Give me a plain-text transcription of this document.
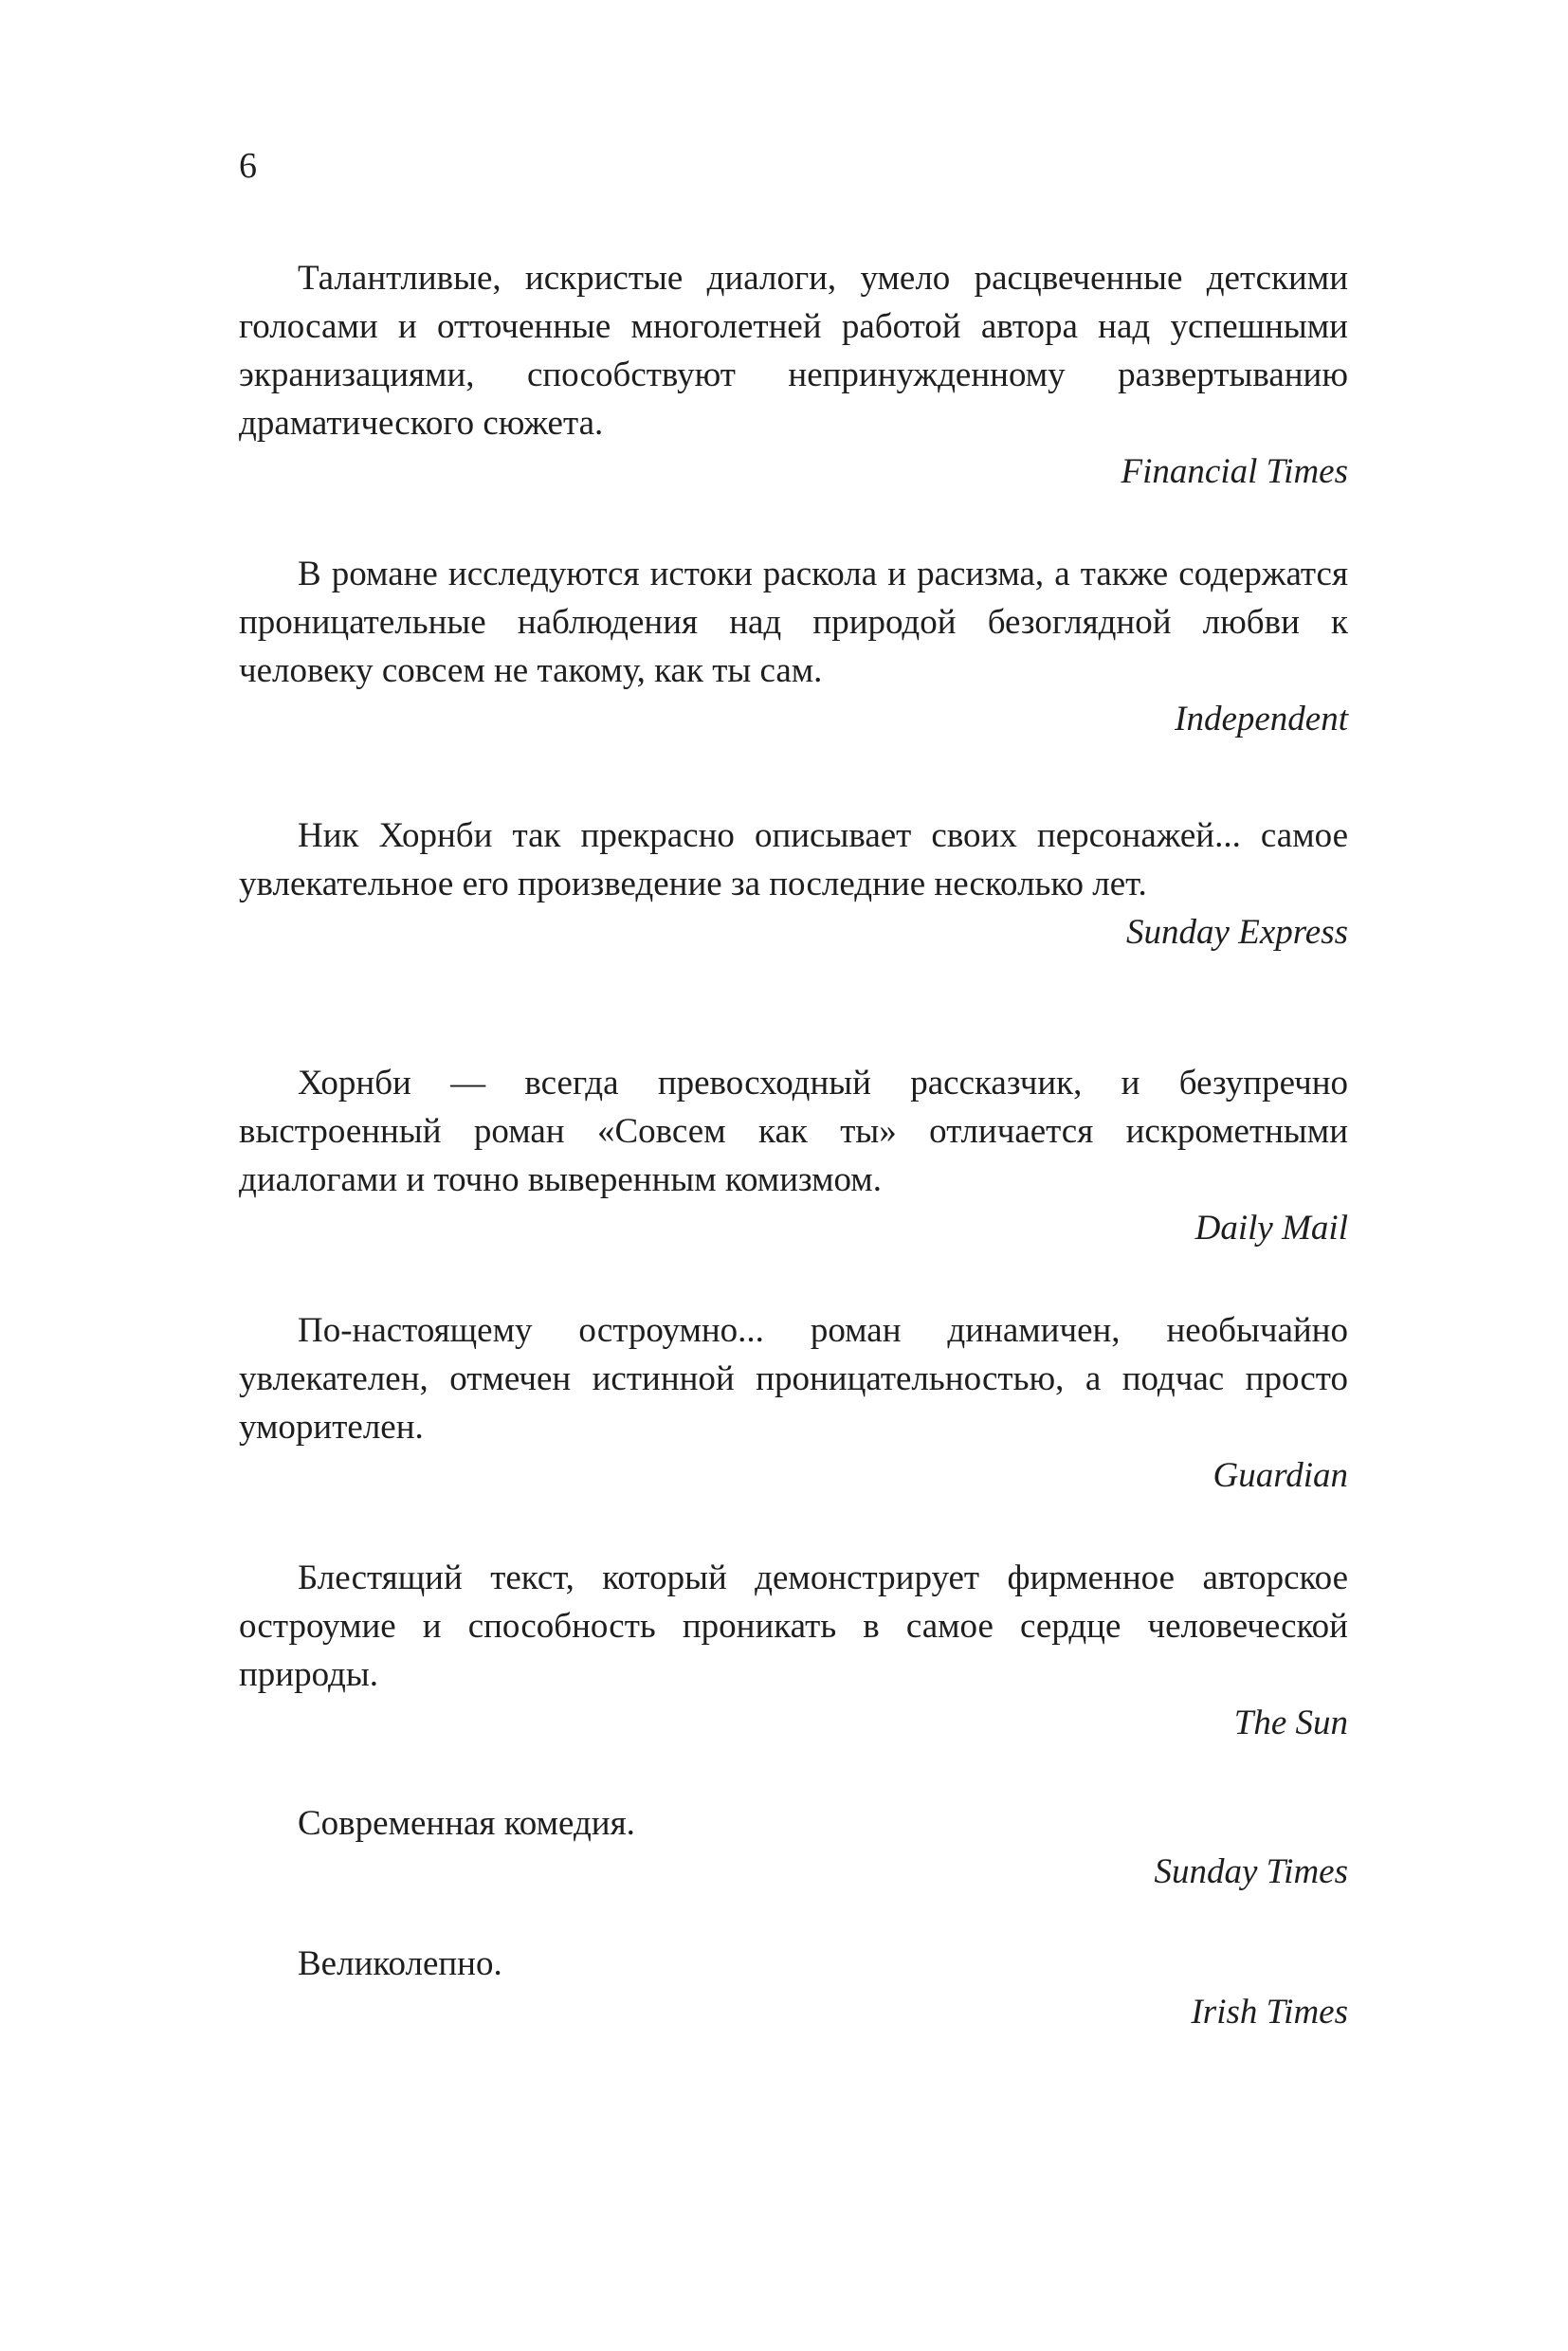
6

Талантливые, искристые диалоги, умело расцвеченные детскими голосами и отточенные многолетней работой автора над успешными экранизациями, способствуют непринужденному развертыванию драматического сюжета.

Financial Times

В романе исследуются истоки раскола и расизма, а также содержатся проницательные наблюдения над природой безоглядной любви к человеку совсем не такому, как ты сам.

Independent

Ник Хорнби так прекрасно описывает своих персонажей... самое увлекательное его произведение за последние несколько лет.

Sunday Express

Хорнби — всегда превосходный рассказчик, и безупречно выстроенный роман «Совсем как ты» отличается искрометными диалогами и точно выверенным комизмом.

Daily Mail

По-настоящему остроумно... роман динамичен, необычайно увлекателен, отмечен истинной проницательностью, а подчас просто уморителен.

Guardian

Блестящий текст, который демонстрирует фирменное авторское остроумие и способность проникать в самое сердце человеческой природы.

The Sun

Современная комедия.

Sunday Times

Великолепно.

Irish Times
